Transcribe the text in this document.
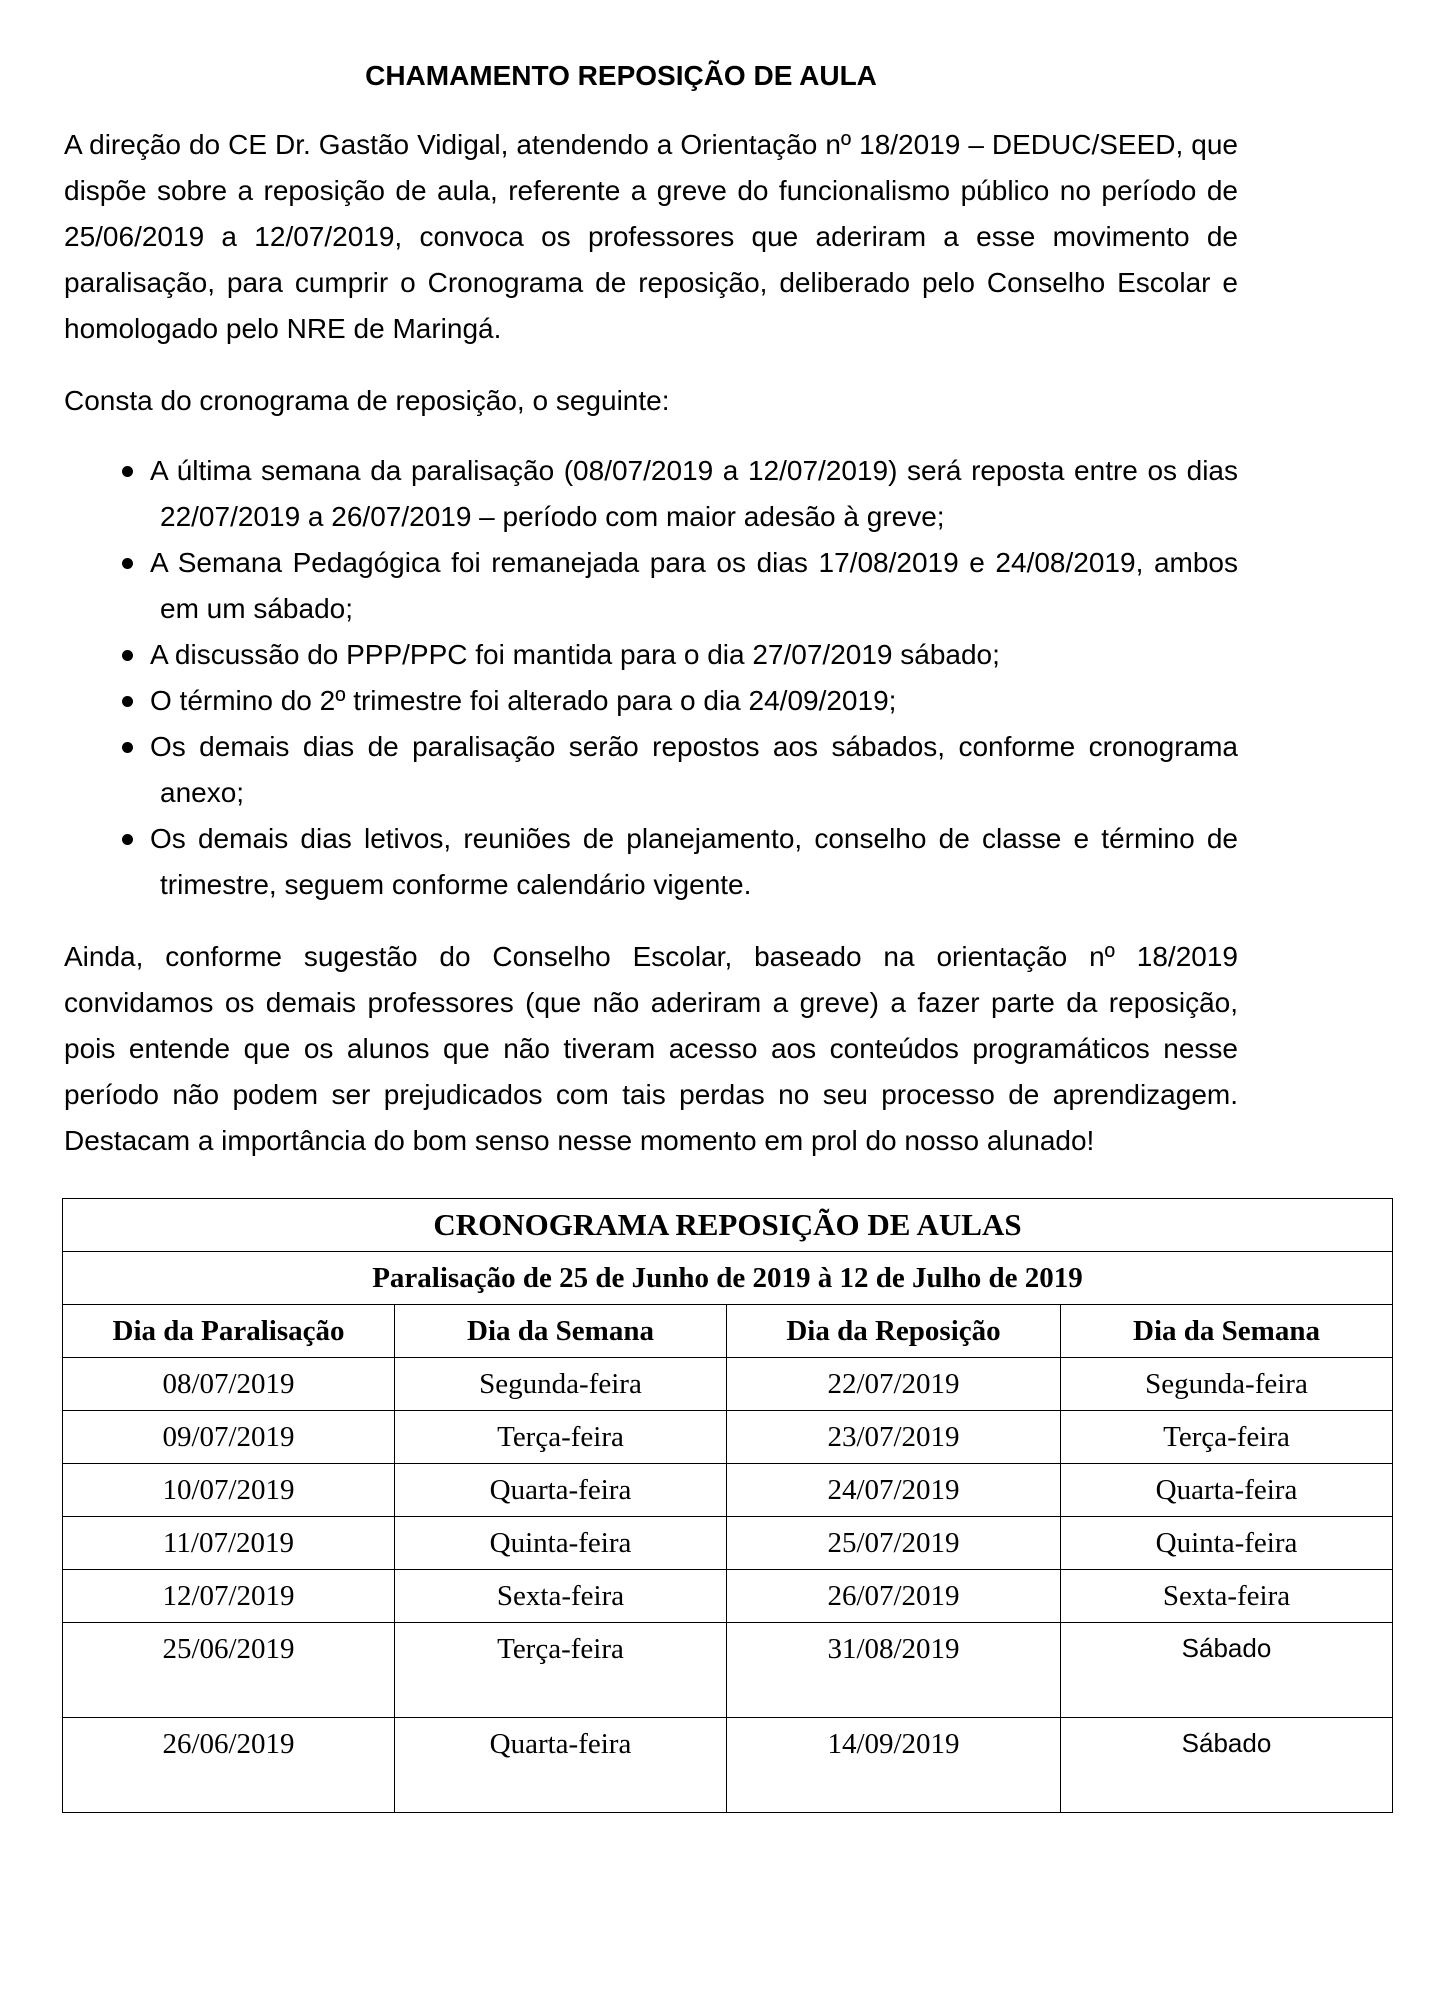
CHAMAMENTO REPOSIÇÃO DE AULA

A direção do CE Dr. Gastão Vidigal, atendendo a Orientação nº 18/2019 – DEDUC/SEED, que dispõe sobre a reposição de aula, referente a greve do funcionalismo público no período de 25/06/2019 a 12/07/2019, convoca os professores que aderiram a esse movimento de paralisação, para cumprir o Cronograma de reposição, deliberado pelo Conselho Escolar e homologado pelo NRE de Maringá.

Consta do cronograma de reposição, o seguinte:

A última semana da paralisação (08/07/2019 a 12/07/2019) será reposta entre os dias 22/07/2019 a 26/07/2019 – período com maior adesão à greve;
A Semana Pedagógica foi remanejada para os dias 17/08/2019 e 24/08/2019, ambos em um sábado;
A discussão do PPP/PPC foi mantida para o dia 27/07/2019 sábado;
O término do 2º trimestre foi alterado para o dia 24/09/2019;
Os demais dias de paralisação serão repostos aos sábados, conforme cronograma anexo;
Os demais dias letivos, reuniões de planejamento, conselho de classe e término de trimestre, seguem conforme calendário vigente.

Ainda, conforme sugestão do Conselho Escolar, baseado na orientação nº 18/2019 convidamos os demais professores (que não aderiram a greve) a fazer parte da reposição, pois entende que os alunos que não tiveram acesso aos conteúdos programáticos nesse período não podem ser prejudicados com tais perdas no seu processo de aprendizagem. Destacam a importância do bom senso nesse momento em prol do nosso alunado!

CRONOGRAMA REPOSIÇÃO DE AULAS			
Paralisação de 25 de Junho de 2019 à 12 de Julho de 2019			
Dia da Paralisação	Dia da Semana	Dia da Reposição	Dia da Semana
08/07/2019	Segunda-feira	22/07/2019	Segunda-feira
09/07/2019	Terça-feira	23/07/2019	Terça-feira
10/07/2019	Quarta-feira	24/07/2019	Quarta-feira
11/07/2019	Quinta-feira	25/07/2019	Quinta-feira
12/07/2019	Sexta-feira	26/07/2019	Sexta-feira
25/06/2019	Terça-feira	31/08/2019	Sábado
26/06/2019	Quarta-feira	14/09/2019	Sábado
